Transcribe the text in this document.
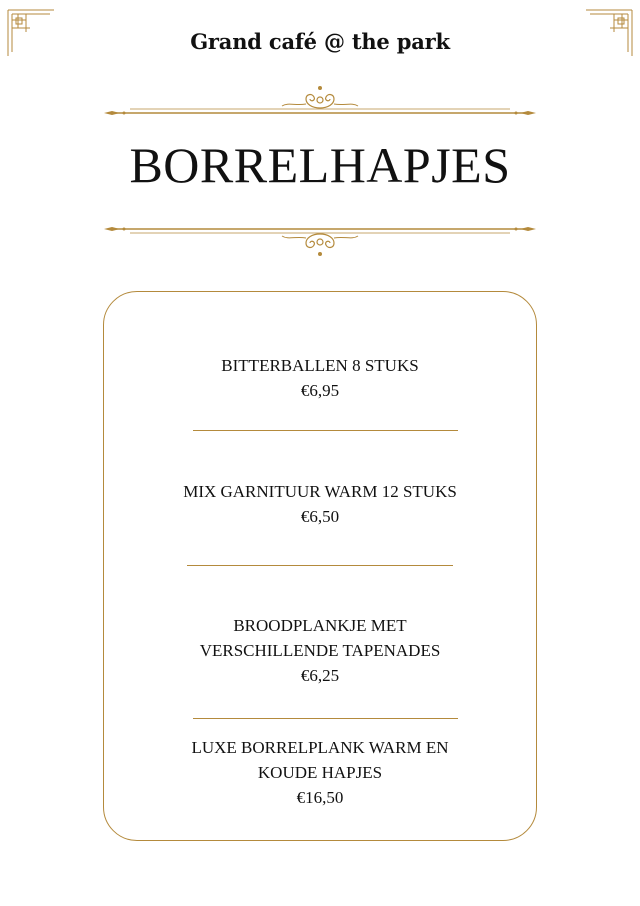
Grand café @ the park
BORRELHAPJES
BITTERBALLEN 8 STUKS
€6,95
MIX GARNITUUR WARM 12 STUKS
€6,50
BROODPLANKJE MET
VERSCHILLENDE TAPENADES
€6,25
LUXE BORRELPLANK WARM EN
KOUDE HAPJES
€16,50
